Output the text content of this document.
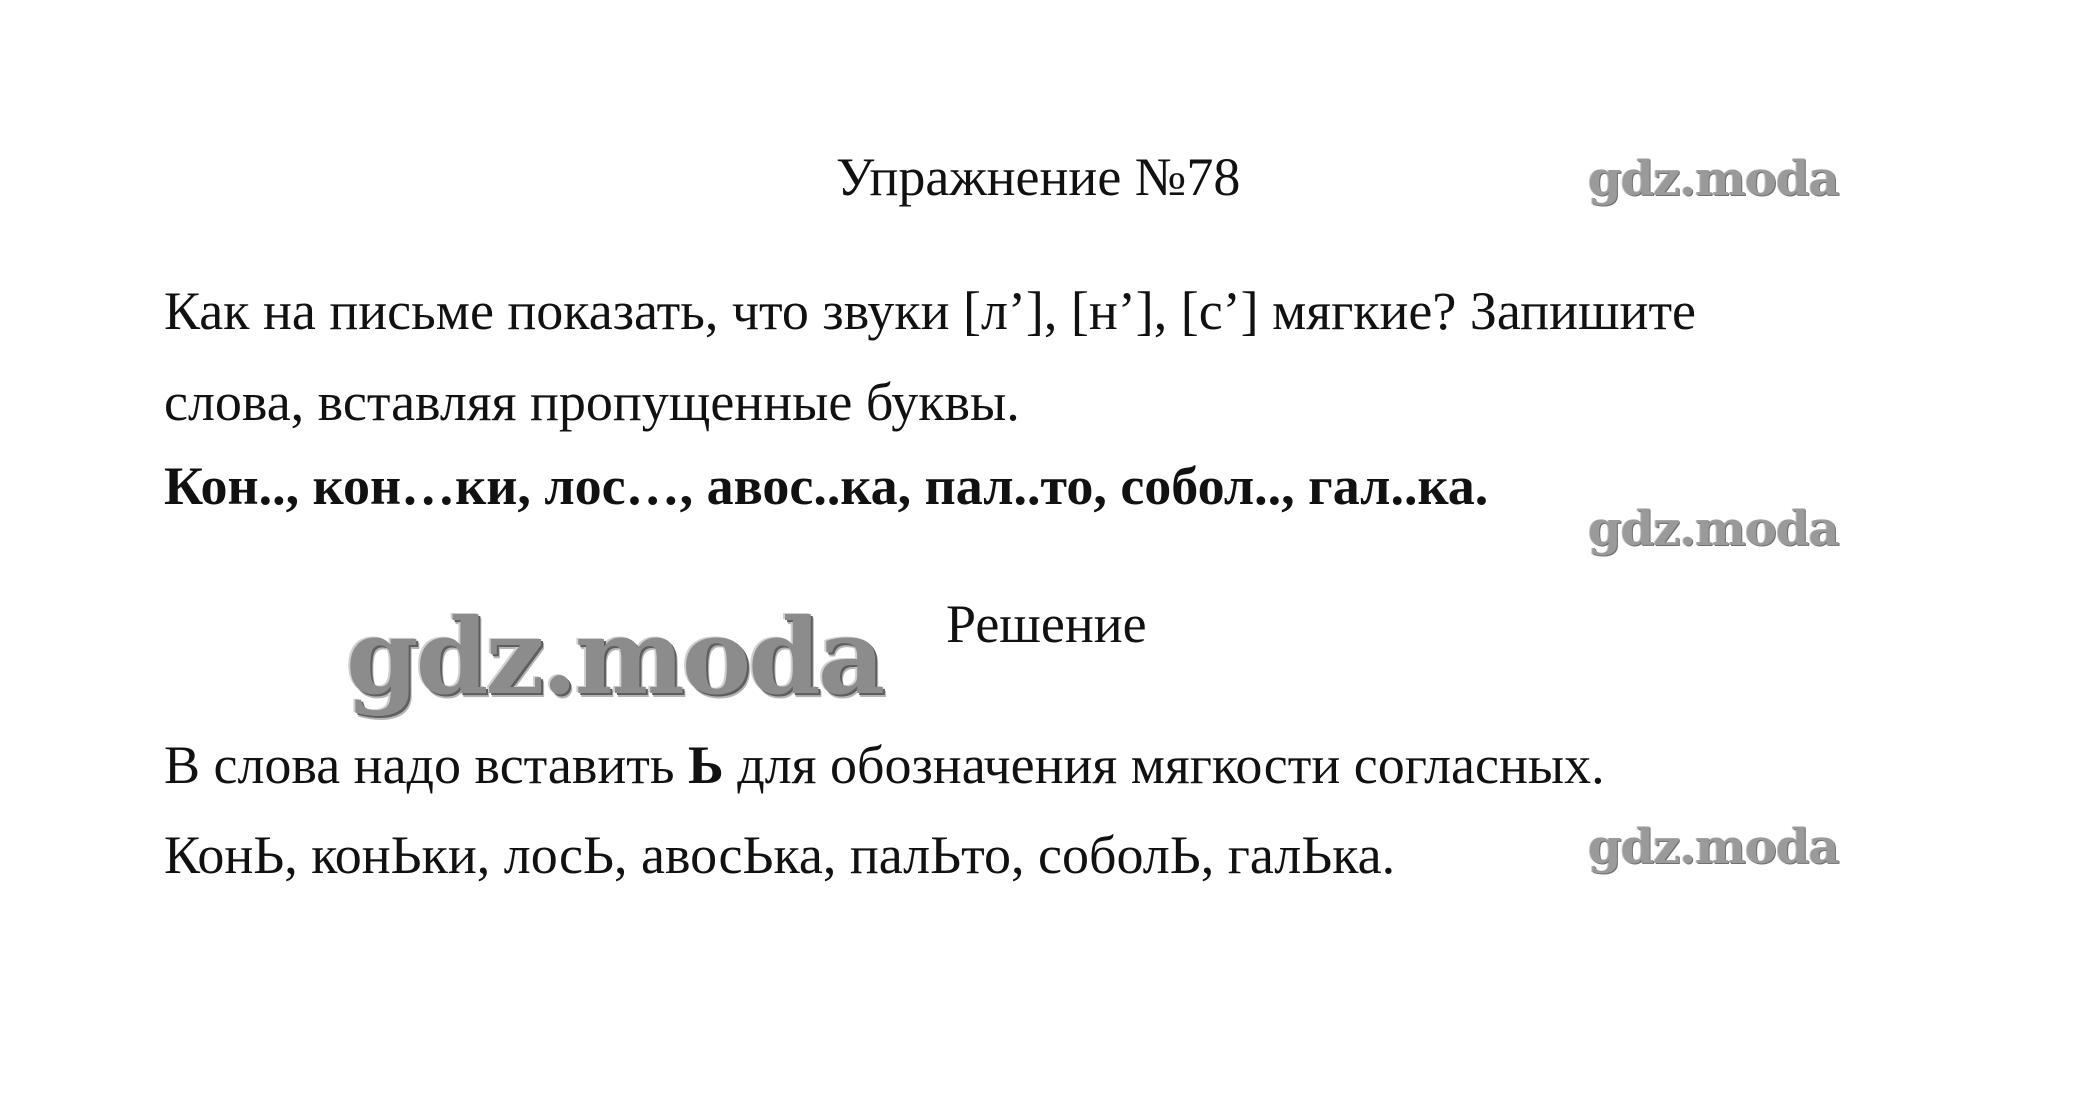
Упражнение №78	gdz.moda
Как на письме показать, что звуки [л’], [н’], [с’] мягкие? Запишите
слова, вставляя пропущенные буквы.
Кон.., кон…ки, лос…, авос..ка, пал..то, собол.., гал..ка.
gdz.moda
gdz.moda Решение
В слова надо вставить Ь для обозначения мягкости согласных.
КонЬ, конЬки, лосЬ, авосЬка, палЬто, соболЬ, галЬка.	gdz.moda
